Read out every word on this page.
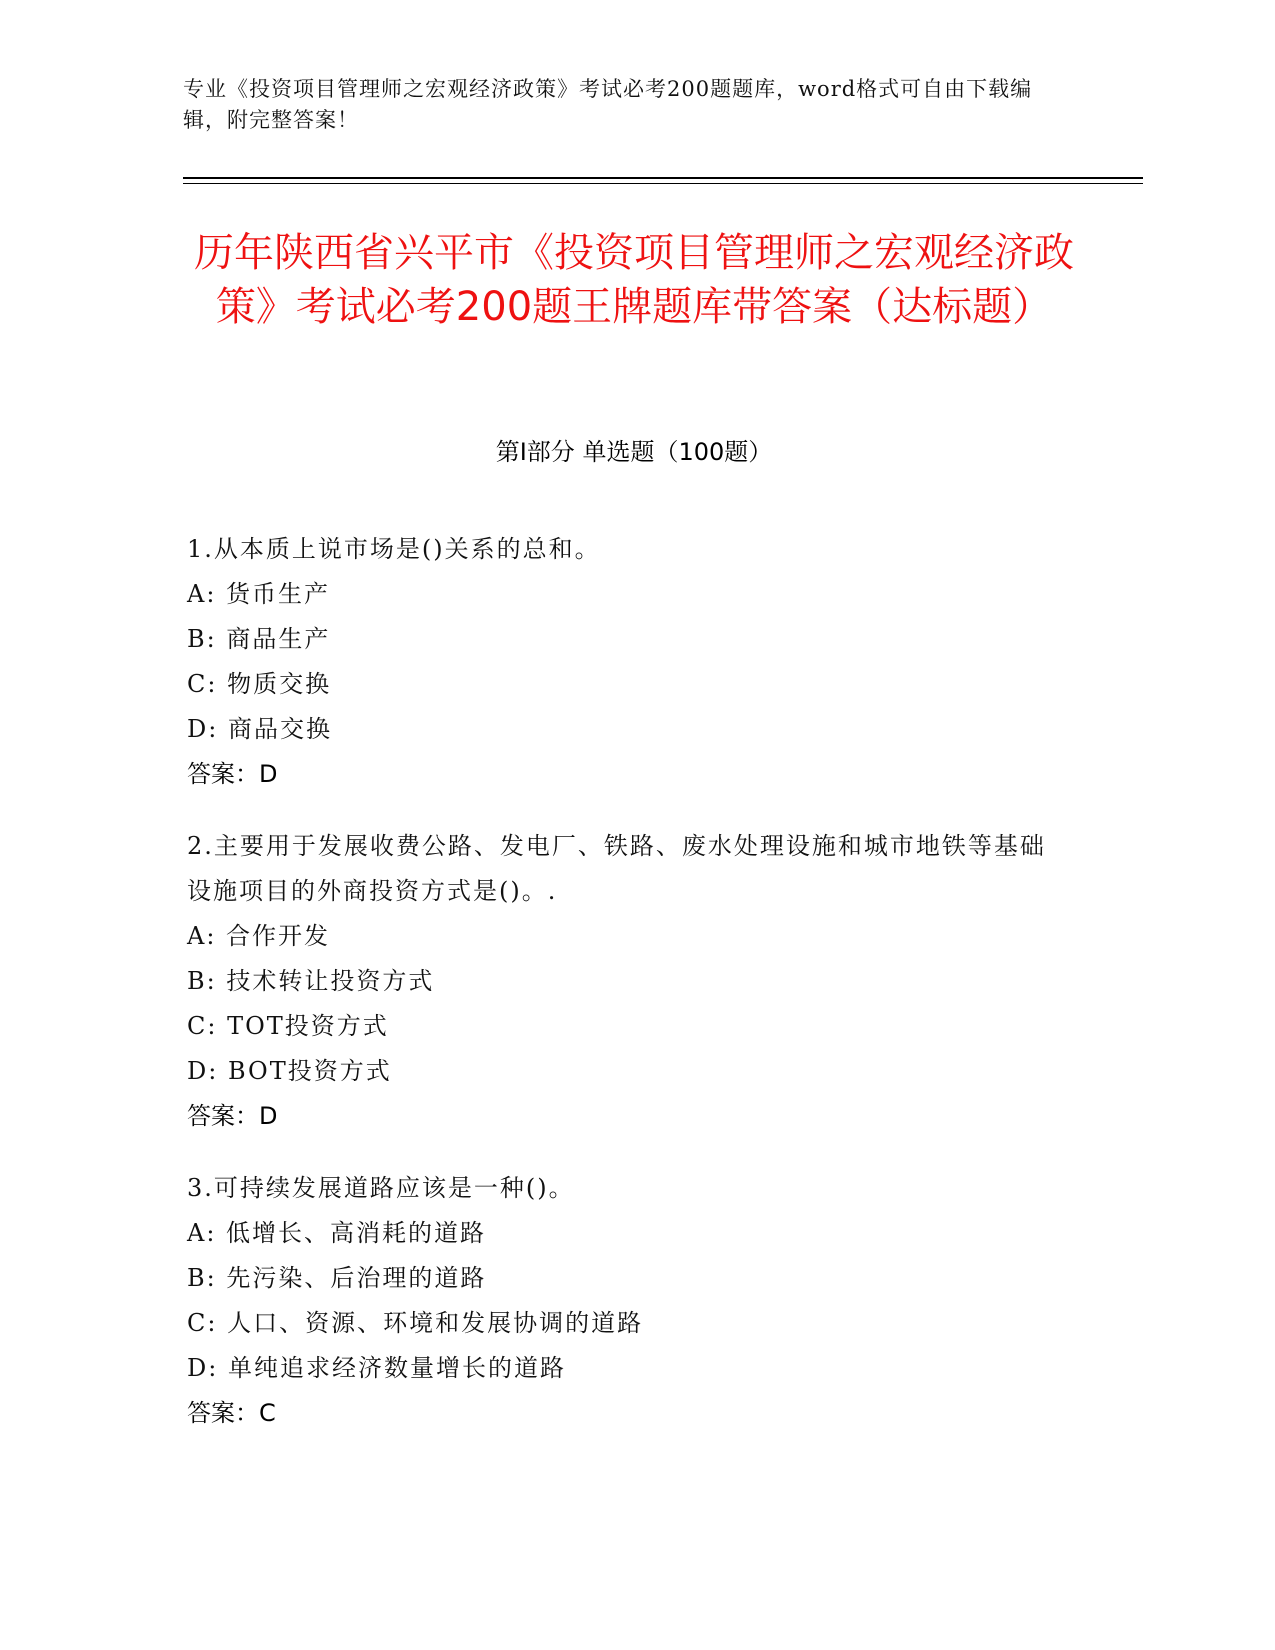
专业《投资项目管理师之宏观经济政策》考试必考200题题库，word格式可自由下载编辑，附完整答案！
历年陕西省兴平市《投资项目管理师之宏观经济政策》考试必考200题王牌题库带答案（达标题）
第I部分 单选题（100题）
1.从本质上说市场是()关系的总和。
A: 货币生产
B: 商品生产
C: 物质交换
D: 商品交换
答案：D
2.主要用于发展收费公路、发电厂、铁路、废水处理设施和城市地铁等基础设施项目的外商投资方式是()。.
A: 合作开发
B: 技术转让投资方式
C: TOT投资方式
D: BOT投资方式
答案：D
3.可持续发展道路应该是一种()。
A: 低增长、高消耗的道路
B: 先污染、后治理的道路
C: 人口、资源、环境和发展协调的道路
D: 单纯追求经济数量增长的道路
答案：C
